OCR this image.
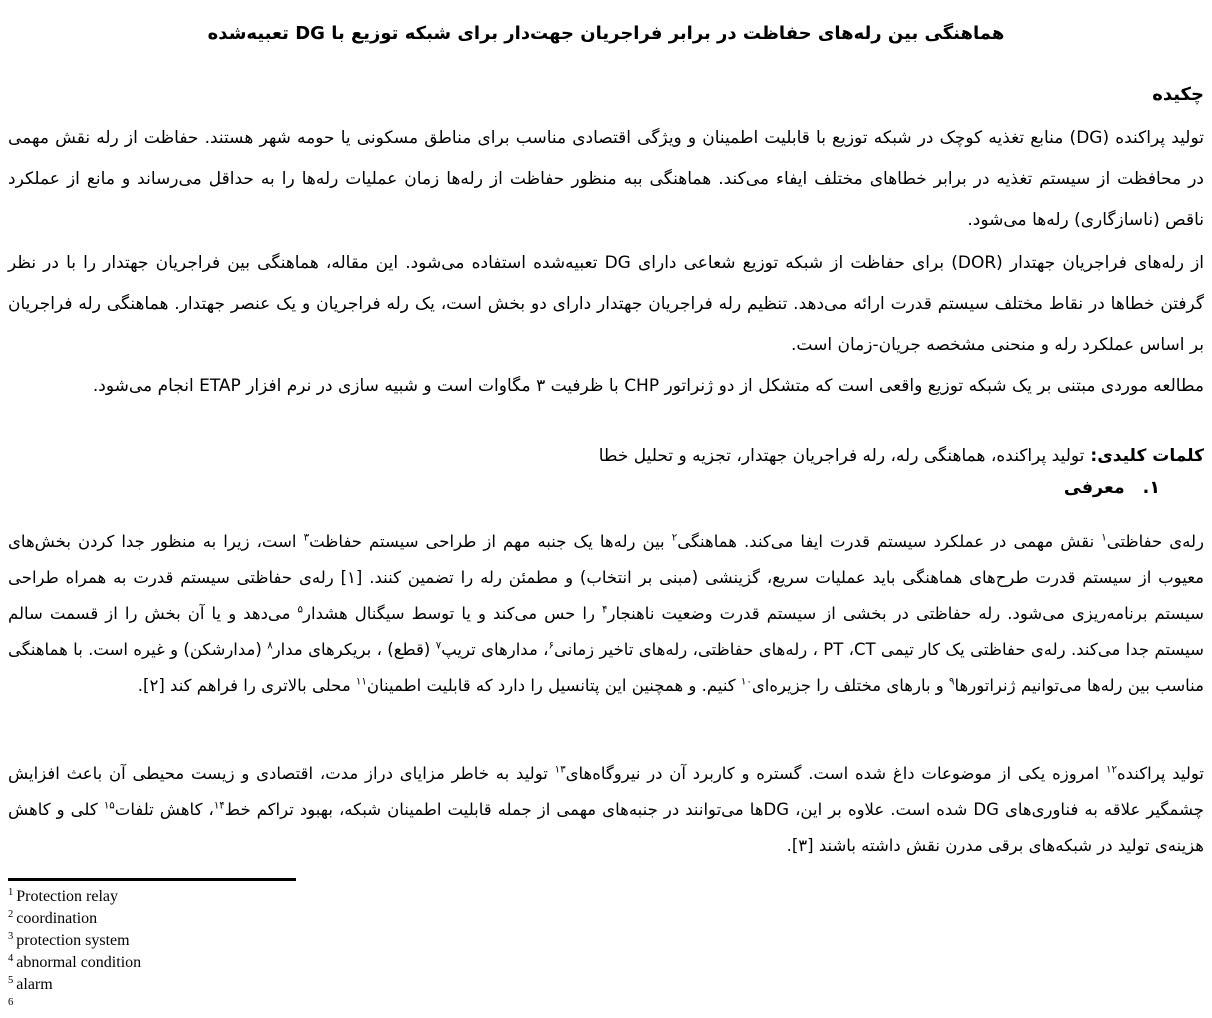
هماهنگی بین رله‌های حفاظت در برابر فراجریان جهت‌دار برای شبکه توزیع با DG تعبیه‌شده
چکیده

تولید پراکنده (DG) منابع تغذیه کوچک در شبکه توزیع با قابلیت اطمینان و ویژگی اقتصادی مناسب برای مناطق مسکونی یا حومه شهر هستند. حفاظت از رله نقش مهمی در محافظت از سیستم تغذیه در برابر خطاهای مختلف ایفاء می‌کند. هماهنگی ببه منظور حفاظت از رله‌ها زمان عملیات رله‌ها را به حداقل می‌رساند و مانع از عملکرد ناقص (ناسازگاری) رله‌ها می‌شود.

از رله‌های فراجریان جهتدار (DOR) برای حفاظت از شبکه توزیع شعاعی دارای DG تعبیه‌شده استفاده می‌شود. این مقاله، هماهنگی بین فراجریان جهتدار را با در نظر گرفتن خطاها در نقاط مختلف سیستم قدرت ارائه می‌دهد. تنظیم رله فراجریان جهتدار دارای دو بخش است، یک رله فراجریان و یک عنصر جهتدار. هماهنگی رله فراجریان بر اساس عملکرد رله و منحنی مشخصه جریان-زمان است.

مطالعه موردی مبتنی بر یک شبکه توزیع واقعی است که متشکل از دو ژنراتور CHP با ظرفیت ۳ مگاوات است و شبیه سازی در نرم افزار ETAP انجام می‌شود.

کلمات کلیدی:تولید پراکنده، هماهنگی رله، رله فراجریان جهتدار، تجزیه و تحلیل خطا

۱.معرفی

رله‌ی حفاظتی$^۱$ نقش مهمی در عملکرد سیستم قدرت ایفا می‌کند. هماهنگی$^۲$ بین رله‌ها یک جنبه مهم از طراحی سیستم حفاظت$^۳$ است، زیرا به منظور جدا کردن بخش‌های معیوب از سیستم قدرت طرح‌های هماهنگی باید عملیات سریع، گزینشی (مبنی بر انتخاب) و مطمئن رله را تضمین کنند. [۱] رله‌ی حفاظتی سیستم قدرت به همراه طراحی سیستم برنامه‌ریزی می‌شود. رله حفاظتی در بخشی از سیستم قدرت وضعیت ناهنجار$^۴$ را حس می‌کند و یا توسط سیگنال هشدار$^۵$ می‌دهد و یا آن بخش را از قسمت سالم سیستم جدا می‌کند. رله‌ی حفاظتی یک کار تیمی PT ،CT ، رله‌های حفاظتی، رله‌های تاخیر زمانی$^۶$، مدارهای تریپ$^۷$ (قطع) ، بریکرهای مدار$^۸$ (مدارشکن) و غیره است. با هماهنگی مناسب بین رله‌ها می‌توانیم ژنراتورها$^۹$ و بارهای مختلف را جزیره‌ای$^{۱۰}$ کنیم. و همچنین این پتانسیل را دارد که قابلیت اطمینان$^{۱۱}$ محلی بالاتری را فراهم کند [۲].

تولید پراکنده$^{۱۲}$ امروزه یکی از موضوعات داغ شده است. گستره و کاربرد آن در نیروگاه‌های$^{۱۳}$ تولید به خاطر مزایای دراز مدت، اقتصادی و زیست محیطی آن باعث افزایش چشمگیر علاقه به فناوری‌های DG شده است. علاوه بر این، DGها می‌توانند در جنبه‌های مهمی از جمله قابلیت اطمینان شبکه، بهبود تراکم خط$^{۱۴}$، کاهش تلفات$^{۱۵}$ کلی و کاهش هزینه‌ی تولید در شبکه‌های برقی مدرن نقش داشته باشند [۳].

$^1$ Protection relay
$^2$ coordination
$^3$ protection system
$^4$ abnormal condition
$^5$ alarm
$^6$
